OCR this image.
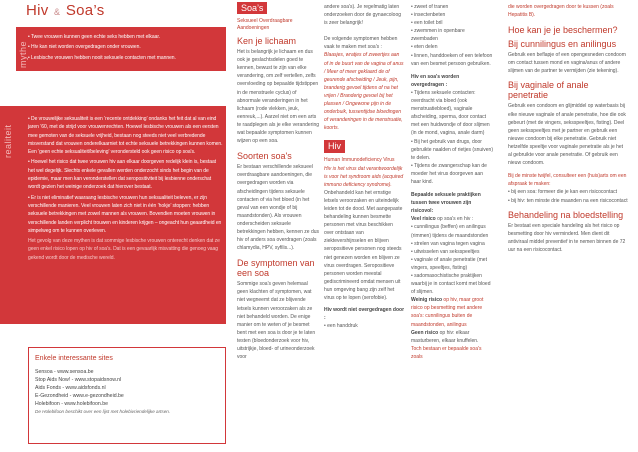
Hiv & Soa’s
mythe

• Twee vrouwen kunnen geen echte seks hebben met elkaar.

• Hiv kan niet worden overgedragen onder vrouwen.

• Lesbische vrouwen hebben nooit seksuele contacten met mannen.

realiteit

• De vrouwelijke seksualiteit is een ‘recente ontdekking’ ondanks het feit dat al van eind jaren ’60, met de strijd voor vrouwenrechten. Hoewel lesbische vrouwen als een eersten mee gemoten van de seksuele vrijheid, bestaan nog steeds niet veel verbredende misverstand dat vrouwen onderelkaarniet tot echte seksuele betrekkingen kunnen komen. Een ‘geen echte seksualiteit/beleving’ verondersteld ook geen risico op soa's.

• Hoewel het risico dat twee vrouwen hiv aan elkaar doorgeven redelijk klein is, bestaat het wel degelijk. Slechts enkele gevallen werden onderzocht sinds het begin van de epidemie, maar men kan veronderstellen dat seropositiviteit bij lesbienne onderschat wordt gezien het weinige onderzoek dat hierover bestaat.

• Er is niet eliminatief waaraang lesbische vrouwen hun seksualiteit beleven, er zijn verschillende manieren. Veel vrouwen laten zich niet in één ‘hokje’ stoppen: hebben seksuele betrekkingen met zowel mannen als vrouwen. Bovendien moeten vrouwen in verschillende landen verplicht trouwen en kinderen krijgen – ongeacht hun geaardheid en simpelweg om te kunnen overleven.

Het gevolg van deze mythen is dat sommige lesbische vrouwen onterecht denken dat ze geen enkel risico lopen op hiv of soa's. Dat is een gevaarlijk misvatting die genoeg vaag gekend wordt door de medische wereld.

Enkele interessante sites
Sensoa - www.sensoa.be
Stop Aids Now! - www.stopaidsnow.nl
Aids Fonds - www.aidsfonds.nl
E-Gezondheid - www.e-gezondheid.be
Holebifoon - www.holebifoon.be
De Holebifoon beschikt over een lijst met holebivriendelijke artsen.
Soa’s
Seksueel Overdraagbare Aandoeningen
Ken je lichaam

Het is belangrijk je lichaam en dus ook je geslachtsdelen goed te kennen, bewust te zijn van elke verandering, om zelf vertellen, zelfs overvloeding op bepaalde tijdstippen in de menstruele cyclus) of abnormale veranderingen in het lichaam (rode vlekken, jeuk, eenreuk,...). Aarzel niet om een arts te raadplegen als je elke verandering wat bepaalde symptomen kunnen wijzen op een soa.

Soorten soa's

Er bestaan verschillende seksueel overdraagbare aandoeningen, die overgedragen worden via afscheidingen tijdens seksuele contacten of via het bloed (in het geval van een wondje of bij maandstonden). Als vrouwen onderscheiden seksuele betrekkingen hebben, kennen ze dus hiv of anders soa overdragen (zoals chlamydia, HPV, syfilis...).

De symptomen van een soa

Sommige soa's geven helemaal geen klachten of symptomen, wat niet wegneemt dat ze blijvende letsels kunnen veroorzaken als ze niet behandeld worden. De enige manier om te weten of je besmet bent met een soa is door je te laten testen (bloedonderzoek voor hiv, uitstrijkje, bloed- of urineonderzoek voor

andere soa's). Je regelmatig laten onderzoeken door de gynaecoloog is zeer belangrijk!

De volgende symptomen hebben vaak te maken met soa's :

Blaasjes, wratjes of zweertjes aan of in de buurt van de vagina of anus / Meer of meer geklaard de of geurende afscheiding / Jeuk, pijn, branderig gevoel tijdens of na het vrijen / Branderig gevoel bij het plassen / Ongewone pijn in de onderbuik, tussentijdse bloedingen of veranderingen in de menstruatie, koorts.

Hiv
Human Immunodeficiency Virus

Hiv is het virus dat verantwoordelijk is voor het syndroom aids (acquired immuno deficiency syndrome).

Onbehandeld kan het ernstige letsels veroorzaken en uiteindelijk leiden tot de dood. Met aangepaste behandeling kunnen besmette personen met virus beschikken over ontstaan van ziektevershijnselen en blijven seropositieve personen nog steeds niet genezen worden en blijven ze virus overdragen. Seropositieve personen worden meestal gediscrimineerd omdat mensen uit hun omgeving bang zijn zelf het virus op te lopen (serofobie).

Hiv wordt niet overgedragen door :

• een handdruk

• zweet of tranen

• insectenbeten

• een toilet bril

• zwemmen in openbare zwembaden

• eten delen

• linnen, handdoeken of een telefoon van een besmet persoon gebruiken.

Hiv en soa's worden overgedragen :

• Tijdens seksuele contacten: overdracht via bloed (ook menstruatiebloed), vaginale afscheiding, sperma, door contact met een huidwondje of door slijmen (in de mond, vagina, anale darm)

• Bij het gebruik van drugs, door gebruikte naalden of rietjes (snuiven) te delen.

• Tijdens de zwangerschap kan de moeder het virus doorgeven aan haar kind.

Bepaalde seksuele praktijken tussen twee vrouwen zijn risicovol:

Veel risico op soa's en hiv :

• cunnilingus (beffen) en anilingus (rimmen) tijdens de maandstonden

• strelen van vagina tegen vagina

• uitwisselen van seksspeeltjes

• vaginale of anale penetratie (met vingers, speeltjes, fisting)

• sadomasochistische praktijken waarbij je in contact komt met bloed of slijmen.

Weinig risico op hiv, maar groot risico op besmetting met andere soa's: cunnilingus buiten de maandstonden, anilingus

Geen risico op hiv: elkaar masturberen, elkaar knuffelen.

Toch bestaan er bepaalde soa's zoals

die worden overgedragen door te kussen (zoals Hepatitis B).

Hoe kan je je beschermen?
Bij cunnilingus en anilingus

Gebruik een beflapje of een opengesneden condoom om contact tussen mond en vagina/anus of andere slijmen van de partner te vermijden (zie tekening).

Bij vaginale of anale penetratie

Gebruik een condoom en glijmiddel op waterbasis bij elke nieuwe vaginale of anale penetratie, hoe die ook gebeurt (met de vingers, seksspeeltjes, fisting). Deel geen seksspeeltjes met je partner en gebruik een nieuwe condoom bij elke penetratie. Gebruik niet hetzelfde speeltje voor vaginale penetratie als je het al gebruikte voor anale penetratie. Of gebruik een nieuw condoom.

Bij de minste twijfel, consulteer een (huis)arts om een afspraak te maken:

• bij een soa: formeer die je kan een risicocontact

• bij hiv: ten minste drie maanden na een risicocontact

Behandeling na bloedstelling

Er bestaat een speciale handeling als het risico op besmetting door hiv verminderd. Men dient dit antiviraal middel preventief in te nemen binnen de 72 uur na een risicocontact.
